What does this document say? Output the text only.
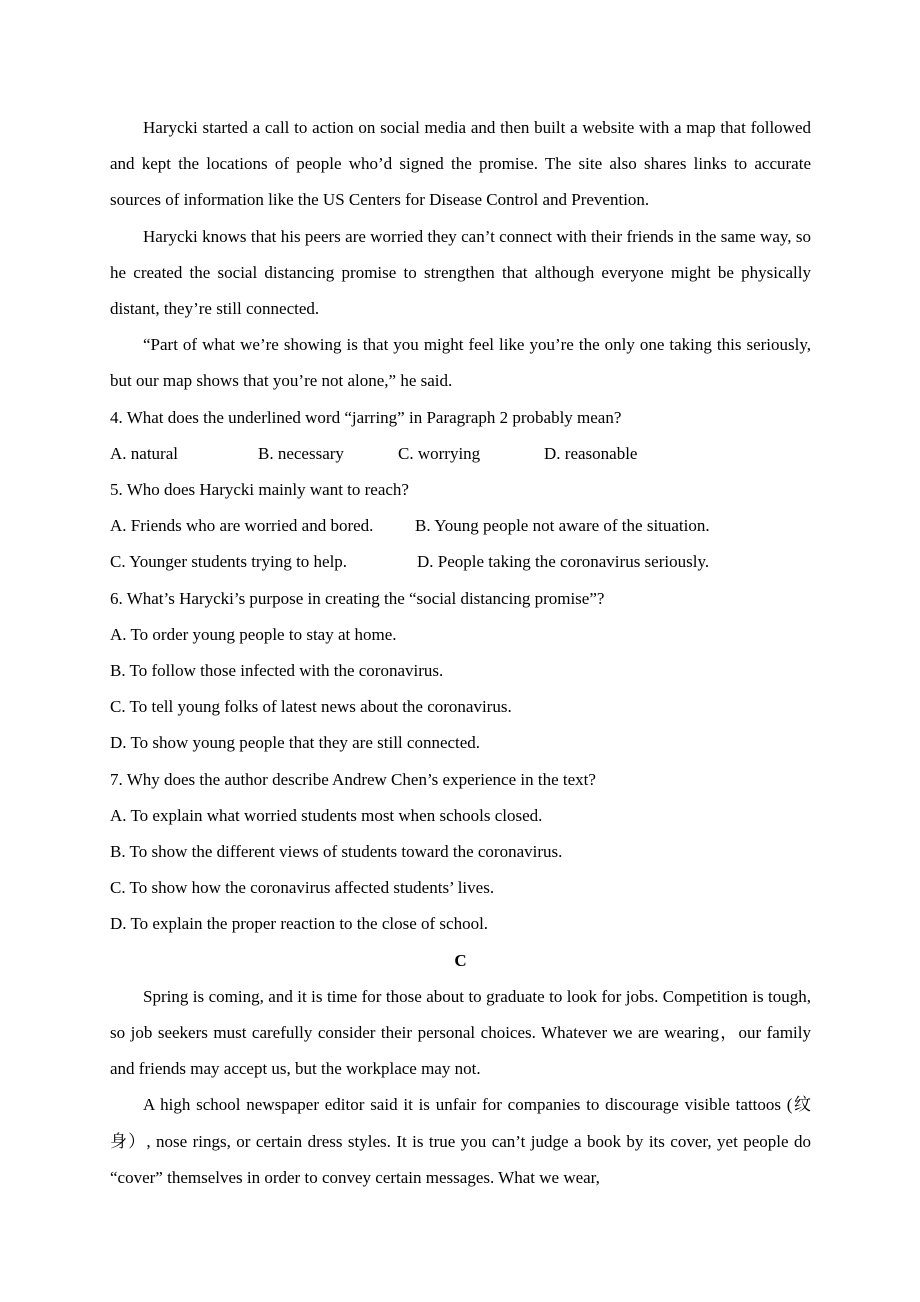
Harycki started a call to action on social media and then built a website with a map that followed and kept the locations of people who’d signed the promise. The site also shares links to accurate sources of information like the US Centers for Disease Control and Prevention.

Harycki knows that his peers are worried they can’t connect with their friends in the same way, so he created the social distancing promise to strengthen that although everyone might be physically distant, they’re still connected.

“Part of what we’re showing is that you might feel like you’re the only one taking this seriously, but our map shows that you’re not alone,” he said.

4. What does the underlined word “jarring” in Paragraph 2 probably mean?

A. natural	B. necessary	C. worrying	D. reasonable

5. Who does Harycki mainly want to reach?

A. Friends who are worried and bored. B. Young people not aware of the situation.

C. Younger students trying to help.	D. People taking the coronavirus seriously.

6. What’s Harycki’s purpose in creating the “social distancing promise”?

A. To order young people to stay at home.

B. To follow those infected with the coronavirus.

C. To tell young folks of latest news about the coronavirus.

D. To show young people that they are still connected.

7. Why does the author describe Andrew Chen’s experience in the text?

A. To explain what worried students most when schools closed.

B. To show the different views of students toward the coronavirus.

C. To show how the coronavirus affected students’ lives.

D. To explain the proper reaction to the close of school.

C

Spring is coming, and it is time for those about to graduate to look for jobs. Competition is tough, so job seekers must carefully consider their personal choices. Whatever we are wearing，our family and friends may accept us, but the workplace may not.

A high school newspaper editor said it is unfair for companies to discourage visible tattoos (纹身）, nose rings, or certain dress styles. It is true you can’t judge a book by its cover, yet people do “cover” themselves in order to convey certain messages. What we wear,
